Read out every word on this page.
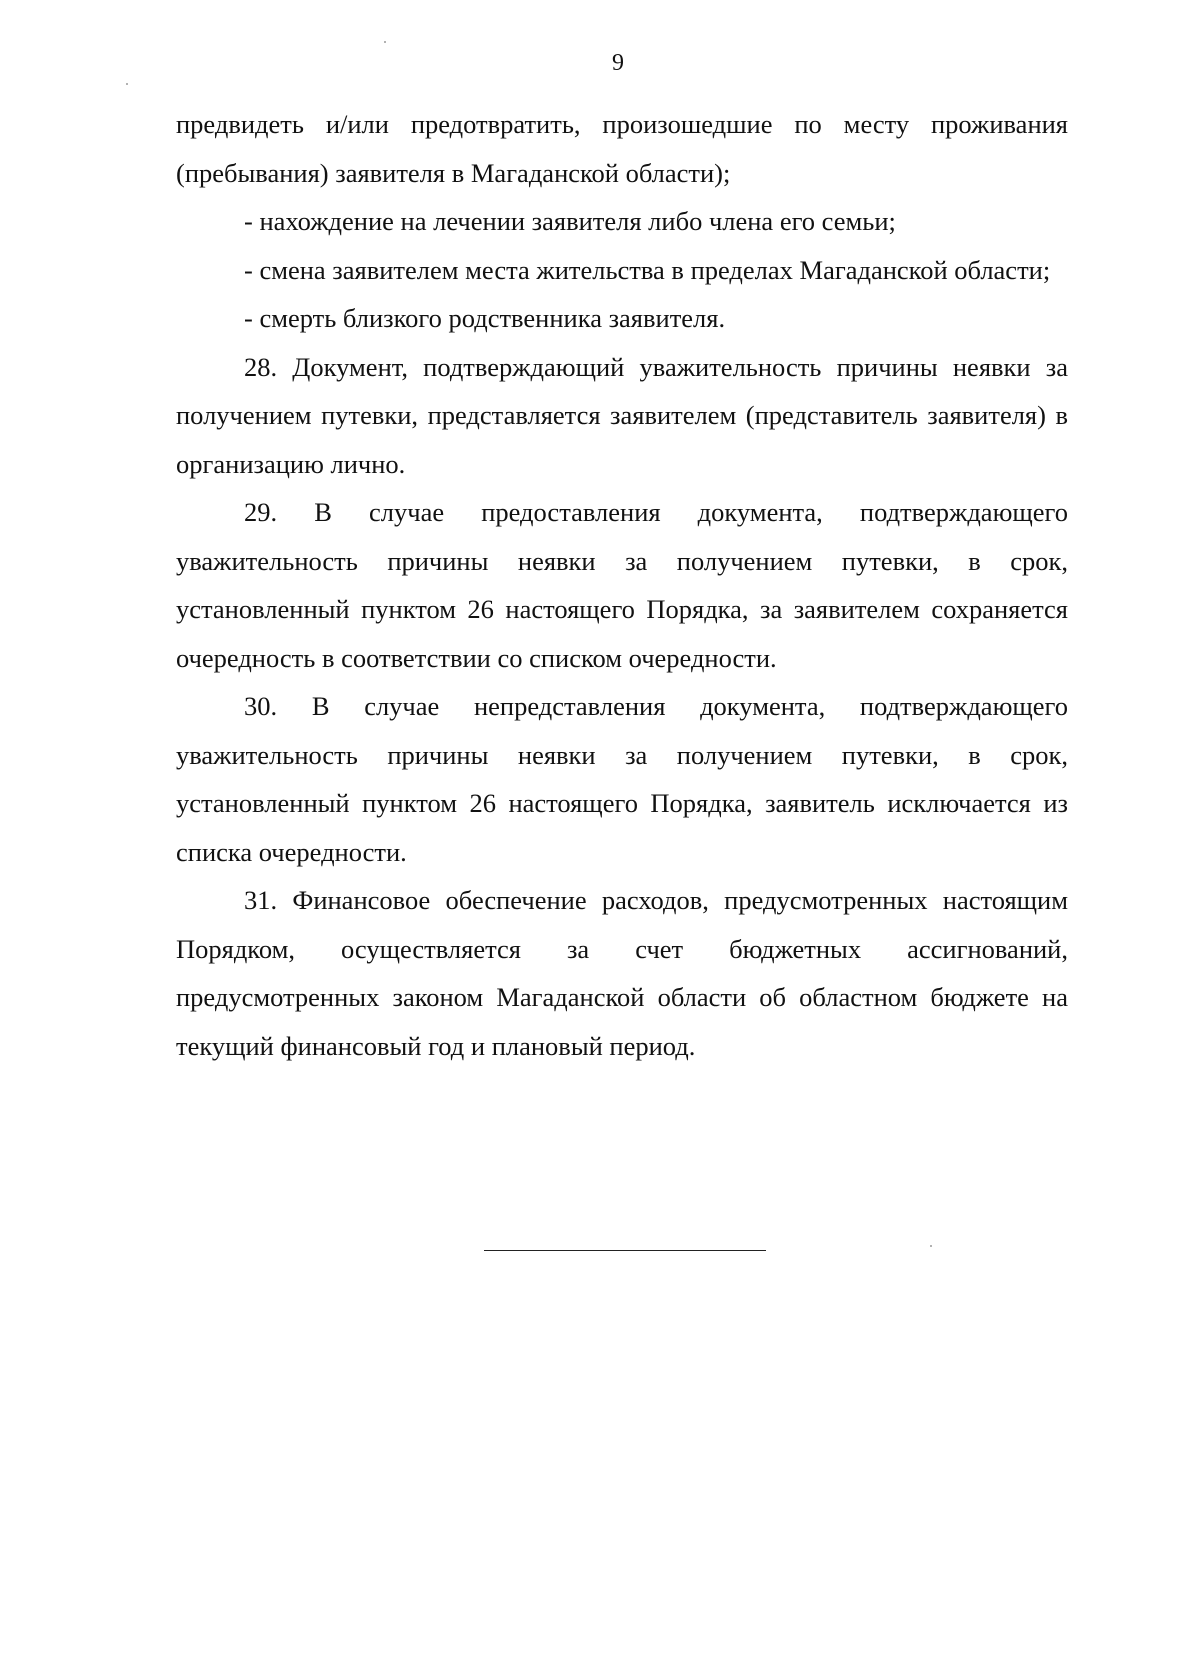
9

предвидеть и/или предотвратить, произошедшие по месту проживания (пребывания) заявителя в Магаданской области);

- нахождение на лечении заявителя либо члена его семьи;

- смена заявителем места жительства в пределах Магаданской области;

- смерть близкого родственника заявителя.

28. Документ, подтверждающий уважительность причины неявки за получением путевки, представляется заявителем (представитель заявителя) в организацию лично.

29. В случае предоставления документа, подтверждающего уважительность причины неявки за получением путевки, в срок, установленный пунктом 26 настоящего Порядка, за заявителем сохраняется очередность в соответствии со списком очередности.

30. В случае непредставления документа, подтверждающего уважительность причины неявки за получением путевки, в срок, установленный пунктом 26 настоящего Порядка, заявитель исключается из списка очередности.

31. Финансовое обеспечение расходов, предусмотренных настоящим Порядком, осуществляется за счет бюджетных ассигнований, предусмотренных законом Магаданской области об областном бюджете на текущий финансовый год и плановый период.
